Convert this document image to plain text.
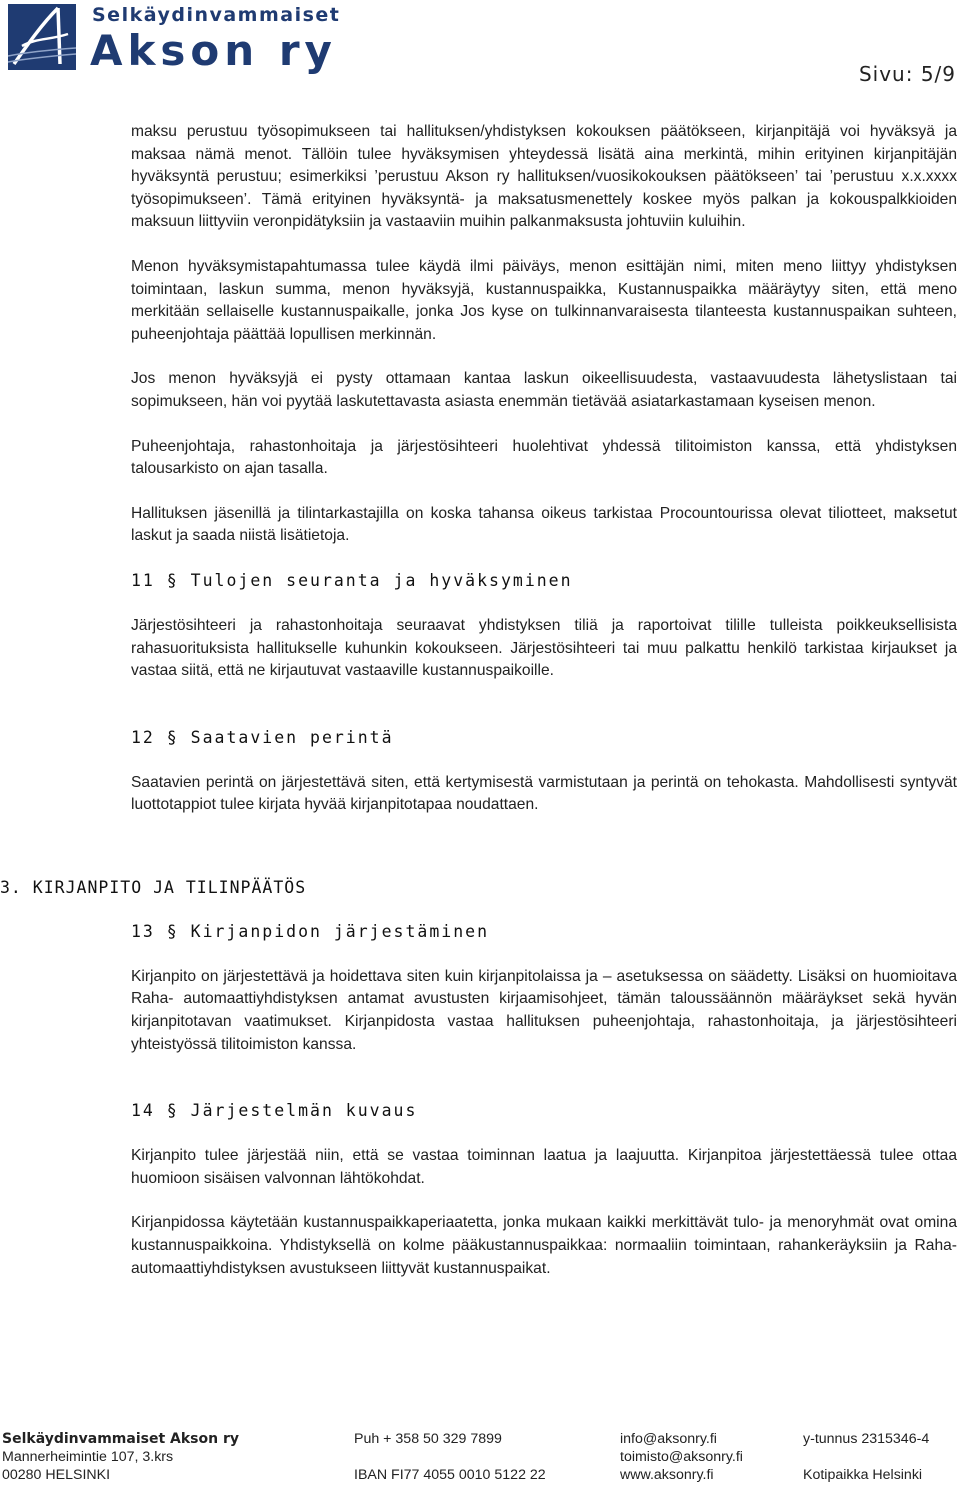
Selkäydinvammaiset
Akson ry	Sivu: 5/9

maksu perustuu työsopimukseen tai hallituksen/yhdistyksen kokouksen päätökseen, kirjanpitäjä voi hyväksyä ja maksaa nämä menot. Tällöin tulee hyväksymisen yhteydessä lisätä aina merkintä, mihin erityinen kirjanpitäjän hyväksyntä perustuu; esimerkiksi ’perustuu Akson ry hallituksen/vuosikokouksen päätökseen’ tai ’perustuu x.x.xxxx työsopimukseen’. Tämä erityinen hyväksyntä- ja maksatusmenettely koskee myös palkan ja kokouspalkkioiden maksuun liittyviin veronpidätyksiin ja vastaaviin muihin palkanmaksusta johtuviin kuluihin.

Menon hyväksymistapahtumassa tulee käydä ilmi päiväys, menon esittäjän nimi, miten meno liittyy yhdistyksen toimintaan, laskun summa, menon hyväksyjä, kustannuspaikka, Kustannuspaikka määräytyy siten, että meno merkitään sellaiselle kustannuspaikalle, jonka Jos kyse on tulkinnanvaraisesta tilanteesta kustannuspaikan suhteen, puheenjohtaja päättää lopullisen merkinnän.

Jos menon hyväksyjä ei pysty ottamaan kantaa laskun oikeellisuudesta, vastaavuudesta lähetyslistaan tai sopimukseen, hän voi pyytää laskutettavasta asiasta enemmän tietävää asiatarkastamaan kyseisen menon.

Puheenjohtaja, rahastonhoitaja ja järjestösihteeri huolehtivat yhdessä tilitoimiston kanssa, että yhdistyksen talousarkisto on ajan tasalla.

Hallituksen jäsenillä ja tilintarkastajilla on koska tahansa oikeus tarkistaa Procountourissa olevat tiliotteet, maksetut laskut ja saada niistä lisätietoja.

11 § Tulojen seuranta ja hyväksyminen

Järjestösihteeri ja rahastonhoitaja seuraavat yhdistyksen tiliä ja raportoivat tilille tulleista poikkeuksellisista rahasuorituksista hallitukselle kuhunkin kokoukseen. Järjestösihteeri tai muu palkattu henkilö tarkistaa kirjaukset ja vastaa siitä, että ne kirjautuvat vastaaville kustannuspaikoille.

12 § Saatavien perintä

Saatavien perintä on järjestettävä siten, että kertymisestä varmistutaan ja perintä on tehokasta. Mahdollisesti syntyvät luottotappiot tulee kirjata hyvää kirjanpitotapaa noudattaen.

3. KIRJANPITO JA TILINPÄÄTÖS
13 § Kirjanpidon järjestäminen

Kirjanpito on järjestettävä ja hoidettava siten kuin kirjanpitolaissa ja – asetuksessa on säädetty. Lisäksi on huomioitava Raha- automaattiyhdistyksen antamat avustusten kirjaamisohjeet, tämän taloussäännön määräykset sekä hyvän kirjanpitotavan vaatimukset. Kirjanpidosta vastaa hallituksen puheenjohtaja, rahastonhoitaja, ja järjestösihteeri yhteistyössä tilitoimiston kanssa.

14 § Järjestelmän kuvaus

Kirjanpito tulee järjestää niin, että se vastaa toiminnan laatua ja laajuutta. Kirjanpitoa järjestettäessä tulee ottaa huomioon sisäisen valvonnan lähtökohdat.

Kirjanpidossa käytetään kustannuspaikkaperiaatetta, jonka mukaan kaikki merkittävät tulo- ja menoryhmät ovat omina kustannuspaikkoina. Yhdistyksellä on kolme pääkustannuspaikkaa: normaaliin toimintaan, rahankeräyksiin ja Raha-automaattiyhdistyksen avustukseen liittyvät kustannuspaikat.

Selkäydinvammaiset Akson ry
Mannerheimintie 107, 3.krs
00280 HELSINKI
Puh + 358 50 329 7899

IBAN FI77 4055 0010 5122 22
info@aksonry.fi
toimisto@aksonry.fi
www.aksonry.fi
y-tunnus 2315346-4

Kotipaikka Helsinki
